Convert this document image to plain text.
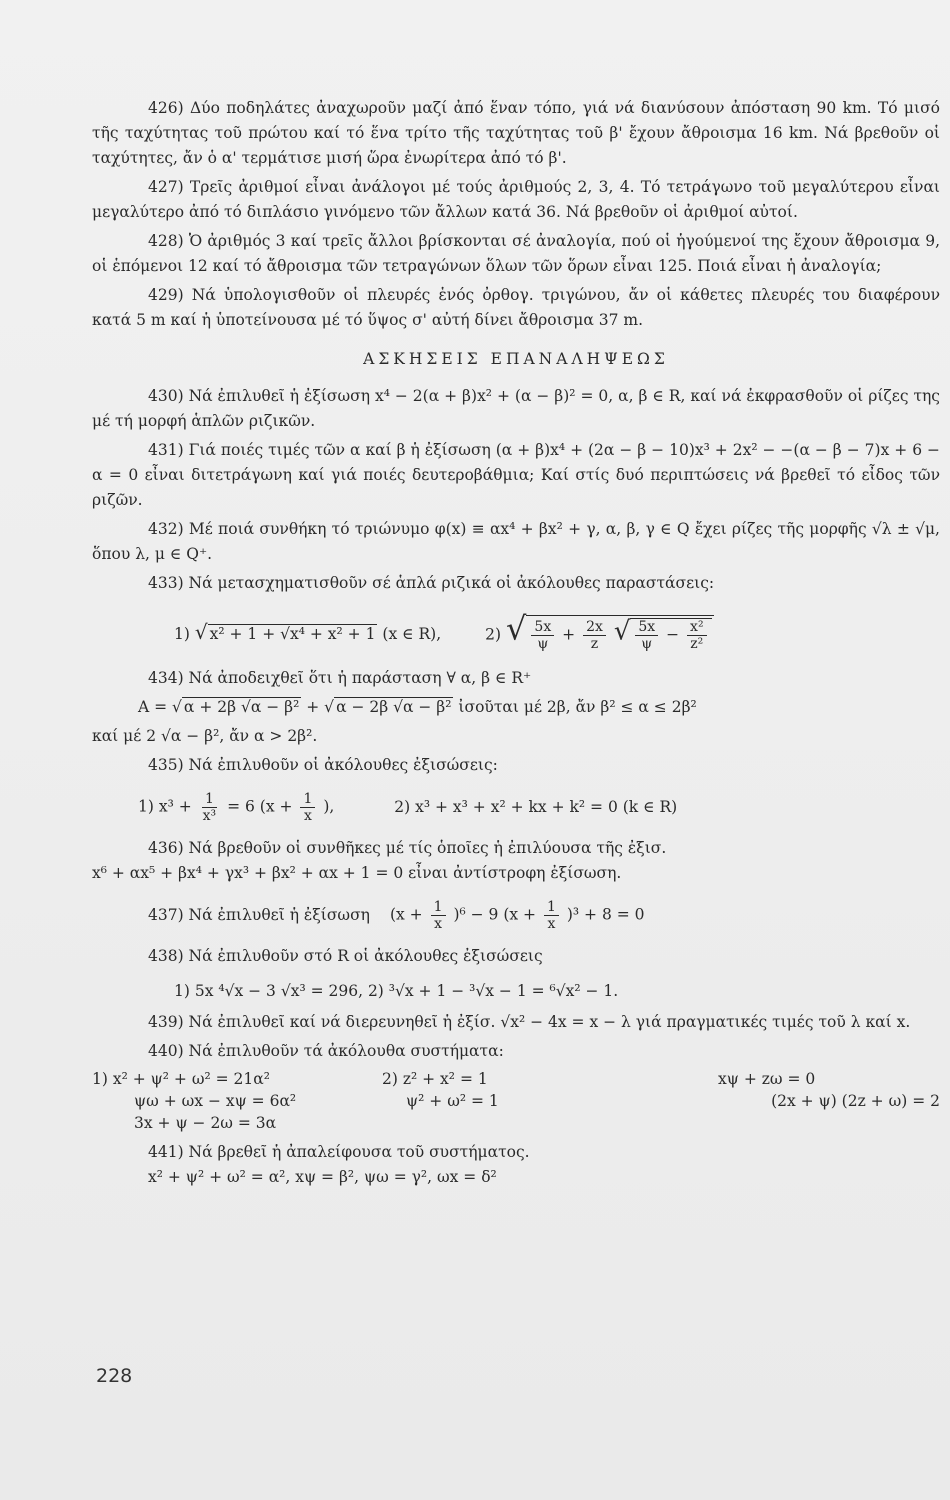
426) Δύο ποδηλάτες ἀναχωροῦν μαζί ἀπό ἕναν τόπο, γιά νά διανύσουν ἀπόσταση 90 km. Τό μισό τῆς ταχύτητας τοῦ πρώτου καί τό ἕνα τρίτο τῆς ταχύτητας τοῦ β' ἔχουν ἄθροισμα 16 km. Νά βρεθοῦν οἱ ταχύτητες, ἄν ὁ α' τερμάτισε μισή ὥρα ἐνωρίτερα ἀπό τό β'.

427) Τρεῖς ἀριθμοί εἶναι ἀνάλογοι μέ τούς ἀριθμούς 2, 3, 4. Τό τετράγωνο τοῦ μεγαλύτερου εἶναι μεγαλύτερο ἀπό τό διπλάσιο γινόμενο τῶν ἄλλων κατά 36. Νά βρεθοῦν οἱ ἀριθμοί αὐτοί.

428) Ὁ ἀριθμός 3 καί τρεῖς ἄλλοι βρίσκονται σέ ἀναλογία, πού οἱ ἡγούμενοί της ἔχουν ἄθροισμα 9, οἱ ἑπόμενοι 12 καί τό ἄθροισμα τῶν τετραγώνων ὅλων τῶν ὅρων εἶναι 125. Ποιά εἶναι ἡ ἀναλογία;

429) Νά ὑπολογισθοῦν οἱ πλευρές ἑνός ὀρθογ. τριγώνου, ἄν οἱ κάθετες πλευρές του διαφέρουν κατά 5 m καί ἡ ὑποτείνουσα μέ τό ὕψος σ' αὐτή δίνει ἄθροισμα 37 m.

ΑΣΚΗΣΕΙΣ ΕΠΑΝΑΛΗΨΕΩΣ

430) Νά ἐπιλυθεῖ ἡ ἐξίσωση x⁴ − 2(α + β)x² + (α − β)² = 0, α, β ∈ R, καί νά ἐκφρασθοῦν οἱ ρίζες της μέ τή μορφή ἁπλῶν ριζικῶν.

431) Γιά ποιές τιμές τῶν α καί β ἡ ἐξίσωση (α + β)x⁴ + (2α − β − 10)x³ + 2x² − −(α − β − 7)x + 6 − α = 0 εἶναι διτετράγωνη καί γιά ποιές δευτεροβάθμια; Καί στίς δυό περιπτώσεις νά βρεθεῖ τό εἶδος τῶν ριζῶν.

432) Μέ ποιά συνθήκη τό τριώνυμο φ(x) ≡ αx⁴ + βx² + γ, α, β, γ ∈ Q ἔχει ρίζες τῆς μορφῆς √λ ± √μ, ὅπου λ, μ ∈ Q⁺.

433) Νά μετασχηματισθοῦν σέ ἁπλά ριζικά οἱ ἀκόλουθες παραστάσεις:

1) √ x² + 1 + √x⁴ + x² + 1 (x ∈ R),	2) √ $\frac{5x}{\psi} + \frac{2x}{z}$ √ $\frac{5x}{\psi} - \frac{\text{x²}}{\text{z²}}$

434) Νά ἀποδειχθεῖ ὅτι ἡ παράσταση ∀ α, β ∈ R⁺

Α = √ α + 2β √α − β² + √ α − 2β √α − β² ἰσοῦται μέ 2β, ἄν β² ≤ α ≤ 2β²

καί μέ 2 √α − β², ἄν α > 2β².

435) Νά ἐπιλυθοῦν οἱ ἀκόλουθες ἐξισώσεις:

1) $x^3 + \frac{1}{\text{x³}} = 6$ ($x + \frac{1}{x}$ ),	2) x³ + x³ + x² + kx + k² = 0 (k ∈ R)

436) Νά βρεθοῦν οἱ συνθῆκες μέ τίς ὁποῖες ἡ ἐπιλύουσα τῆς ἐξισ.

x⁶ + αx⁵ + βx⁴ + γx³ + βx² + αx + 1 = 0 εἶναι ἀντίστροφη ἐξίσωση.

437) Νά ἐπιλυθεῖ ἡ ἐξίσωση $(x + \frac{1}{x} )^6 - 9$ $(x + \frac{1}{x} )^3 + 8 = 0$

438) Νά ἐπιλυθοῦν στό R οἱ ἀκόλουθες ἐξισώσεις

1) 5x ⁴√x − 3 √x³ = 296, 2) ³√x + 1 − ³√x − 1 = ⁶√x² − 1.

439) Νά ἐπιλυθεῖ καί νά διερευνηθεῖ ἡ ἐξίσ. √x² − 4x = x − λ γιά πραγματικές τιμές τοῦ λ καί x.

440) Νά ἐπιλυθοῦν τά ἀκόλουθα συστήματα:

1) x² + ψ² + ω² = 21α²	2) z² + x² = 1	xψ + zω = 0
ψω + ωx − xψ = 6α²	ψ² + ω² = 1	(2x + ψ) (2z + ω) = 2
3x + ψ − 2ω = 3α

441) Νά βρεθεῖ ἡ ἀπαλείφουσα τοῦ συστήματος.

x² + ψ² + ω² = α², xψ = β², ψω = γ², ωx = δ²
228
